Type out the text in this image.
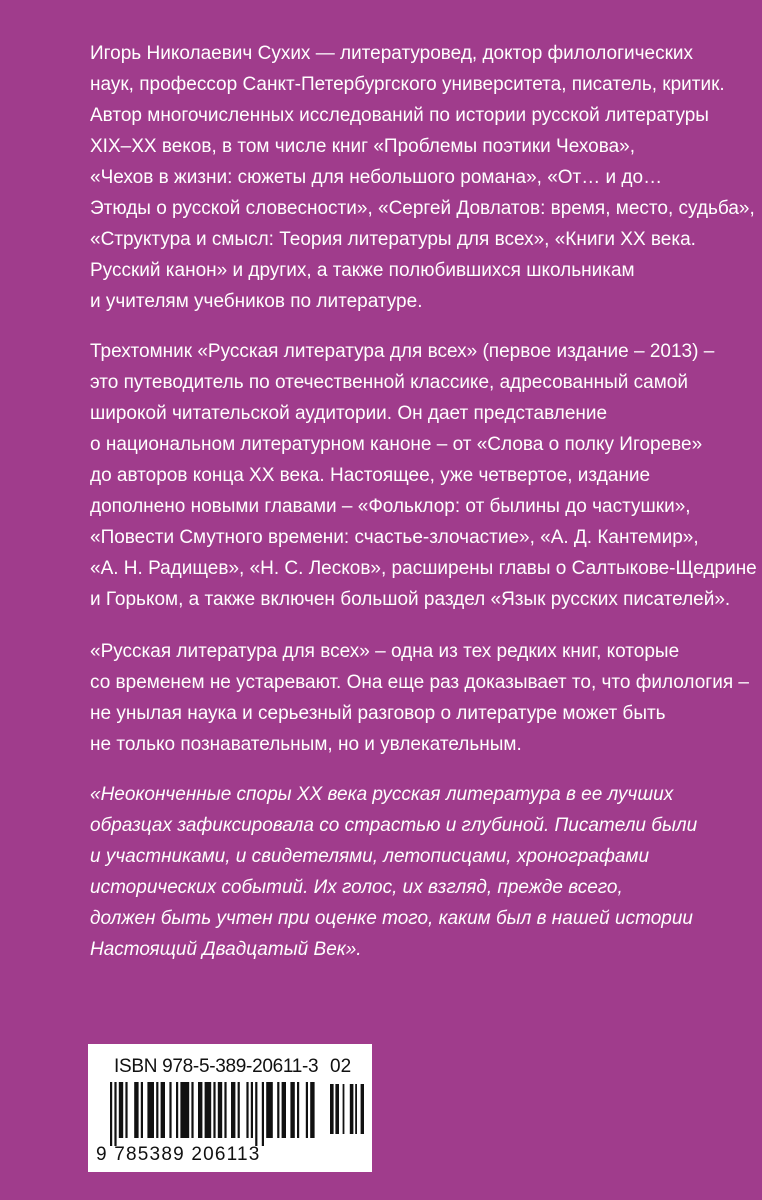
Игорь Николаевич Сухих — литературовед, доктор филологических
наук, профессор Санкт-Петербургского университета, писатель, критик.
Автор многочисленных исследований по истории русской литературы
XIX–XX веков, в том числе книг «Проблемы поэтики Чехова»,
«Чехов в жизни: сюжеты для небольшого романа», «От… и до…
Этюды о русской словесности», «Сергей Довлатов: время, место, судьба»,
«Структура и смысл: Теория литературы для всех», «Книги XX века.
Русский канон» и других, а также полюбившихся школьникам
и учителям учебников по литературе.
Трехтомник «Русская литература для всех» (первое издание – 2013) –
это путеводитель по отечественной классике, адресованный самой
широкой читательской аудитории. Он дает представление
о национальном литературном каноне – от «Слова о полку Игореве»
до авторов конца XX века. Настоящее, уже четвертое, издание
дополнено новыми главами – «Фольклор: от былины до частушки»,
«Повести Смутного времени: счастье-злочастие», «А. Д. Кантемир»,
«А. Н. Радищев», «Н. С. Лесков», расширены главы о Салтыкове-Щедрине
и Горьком, а также включен большой раздел «Язык русских писателей».
«Русская литература для всех» – одна из тех редких книг, которые
со временем не устаревают. Она еще раз доказывает то, что филология –
не унылая наука и серьезный разговор о литературе может быть
не только познавательным, но и увлекательным.
«Неоконченные споры XX века русская литература в ее лучших
образцах зафиксировала со страстью и глубиной. Писатели были
и участниками, и свидетелями, летописцами, хронографами
исторических событий. Их голос, их взгляд, прежде всего,
должен быть учтен при оценке того, каким был в нашей истории
Настоящий Двадцатый Век».
ISBN 978-5-389-20611-3 02
9 785389 206113
